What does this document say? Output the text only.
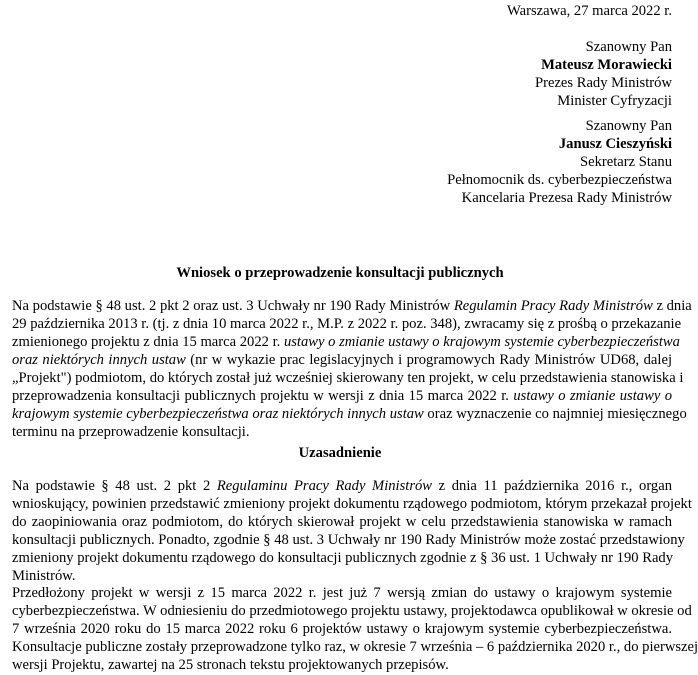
Warszawa, 27 marca 2022 r.
Szanowny Pan
Mateusz Morawiecki
Prezes Rady Ministrów
Minister Cyfryzacji
Szanowny Pan
Janusz Cieszyński
Sekretarz Stanu
Pełnomocnik ds. cyberbezpieczeństwa
Kancelaria Prezesa Rady Ministrów
Wniosek o przeprowadzenie konsultacji publicznych
Na podstawie § 48 ust. 2 pkt 2 oraz ust. 3 Uchwały nr 190 Rady Ministrów Regulamin Pracy Rady Ministrów z dnia
29 października 2013 r. (tj. z dnia 10 marca 2022 r., M.P. z 2022 r. poz. 348), zwracamy się z prośbą o przekazanie
zmienionego projektu z dnia 15 marca 2022 r. ustawy o zmianie ustawy o krajowym systemie cyberbezpieczeństwa
oraz niektórych innych ustaw (nr w wykazie prac legislacyjnych i programowych Rady Ministrów UD68, dalej
„Projekt") podmiotom, do których został już wcześniej skierowany ten projekt, w celu przedstawienia stanowiska i
przeprowadzenia konsultacji publicznych projektu w wersji z dnia 15 marca 2022 r. ustawy o zmianie ustawy o
krajowym systemie cyberbezpieczeństwa oraz niektórych innych ustaw oraz wyznaczenie co najmniej miesięcznego
terminu na przeprowadzenie konsultacji.
Uzasadnienie
Na podstawie § 48 ust. 2 pkt 2 Regulaminu Pracy Rady Ministrów z dnia 11 października 2016 r., organ
wnioskujący, powinien przedstawić zmieniony projekt dokumentu rządowego podmiotom, którym przekazał projekt
do zaopiniowania oraz podmiotom, do których skierował projekt w celu przedstawienia stanowiska w ramach
konsultacji publicznych. Ponadto, zgodnie § 48 ust. 3 Uchwały nr 190 Rady Ministrów może zostać przedstawiony
zmieniony projekt dokumentu rządowego do konsultacji publicznych zgodnie z § 36 ust. 1 Uchwały nr 190 Rady
Ministrów.
Przedłożony projekt w wersji z 15 marca 2022 r. jest już 7 wersją zmian do ustawy o krajowym systemie
cyberbezpieczeństwa. W odniesieniu do przedmiotowego projektu ustawy, projektodawca opublikował w okresie od
7 września 2020 roku do 15 marca 2022 roku 6 projektów ustawy o krajowym systemie cyberbezpieczeństwa.
Konsultacje publiczne zostały przeprowadzone tylko raz, w okresie 7 września – 6 października 2020 r., do pierwszej
wersji Projektu, zawartej na 25 stronach tekstu projektowanych przepisów.
